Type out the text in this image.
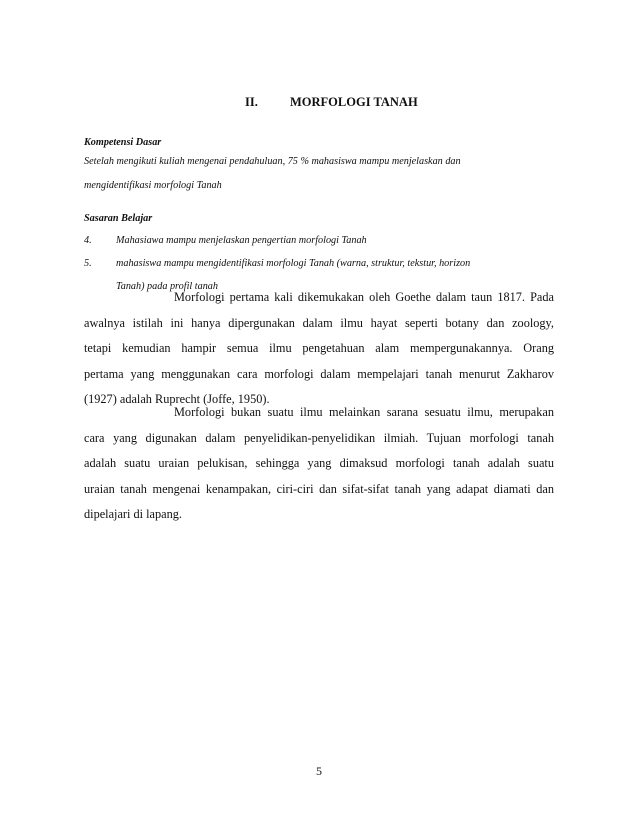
II.	MORFOLOGI TANAH
Kompetensi Dasar
Setelah mengikuti kuliah mengenai pendahuluan, 75 % mahasiswa mampu menjelaskan dan
mengidentifikasi morfologi Tanah
Sasaran Belajar
4. Mahasiawa mampu menjelaskan pengertian morfologi Tanah
5. mahasiswa mampu mengidentifikasi morfologi Tanah (warna, struktur, tekstur, horizon
Tanah) pada profil tanah
Morfologi pertama kali dikemukakan oleh Goethe dalam taun 1817. Pada
awalnya istilah ini hanya dipergunakan dalam ilmu hayat seperti botany dan zoology,
tetapi kemudian hampir semua ilmu pengetahuan alam mempergunakannya. Orang
pertama yang menggunakan cara morfologi dalam mempelajari tanah menurut Zakharov
(1927) adalah Ruprecht (Joffe, 1950).
Morfologi bukan suatu ilmu melainkan sarana sesuatu ilmu, merupakan
cara yang digunakan dalam penyelidikan-penyelidikan ilmiah. Tujuan morfologi tanah
adalah suatu uraian pelukisan, sehingga yang dimaksud morfologi tanah adalah suatu
uraian tanah mengenai kenampakan, ciri-ciri dan sifat-sifat tanah yang adapat diamati dan
dipelajari di lapang.
5
